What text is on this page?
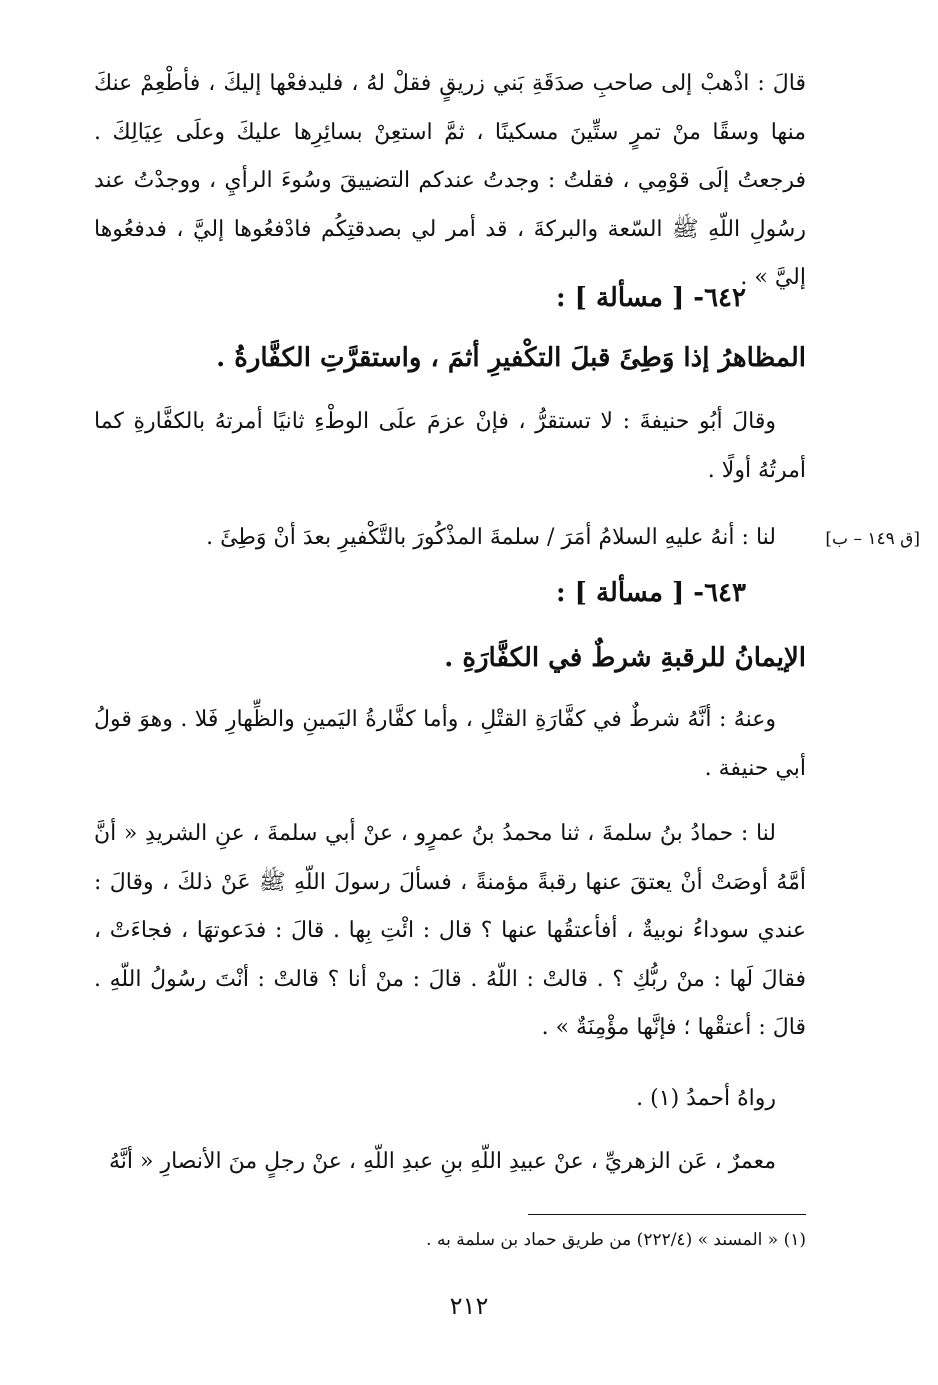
قالَ : اذْهبْ إلى صاحبِ صدَقَةِ بَني زريقٍ فقلْ لهُ ، فليدفعْها إليكَ ، فأطْعِمْ عنكَ منها وسقًا منْ تمرٍ ستِّينَ مسكينًا ، ثمَّ استعِنْ بسائِرِها عليكَ وعلَى عِيَالِكَ . فرجعتُ إلَى قوْمِي ، فقلتُ : وجدتُ عندكم التضييقَ وسُوءَ الرأيِ ، ووجدْتُ عند رسُولِ اللّهِ ﷺ السّعة والبركةَ ، قد أمر لي بصدقتِكُم فادْفعُوها إليَّ ، فدفعُوها إليَّ » .

٦٤٢- [ مسألة ] :
المظاهرُ إذا وَطِئَ قبلَ التكْفيرِ أثمَ ، واستقرَّتِ الكفَّارةُ .

وقالَ أبُو حنيفةَ : لا تستقرُّ ، فإنْ عزمَ علَى الوطْءِ ثانيًا أمرتهُ بالكفَّارةِ كما أمرتُهُ أولًا .

[ق ١٤٩ – ب]

لنا : أنهُ عليهِ السلامُ أمَرَ / سلمةَ المذْكُورَ بالتَّكْفيرِ بعدَ أنْ وَطِئَ .

٦٤٣- [ مسألة ] :
الإيمانُ للرقبةِ شرطٌ في الكفَّارَةِ .

وعنهُ : أنَّهُ شرطٌ في كفَّارَةِ القتْلِ ، وأما كفَّارةُ اليَمينِ والظِّهارِ فَلا . وهوَ قولُ أبي حنيفة .

لنا : حمادُ بنُ سلمةَ ، ثنا محمدُ بنُ عمرٍو ، عنْ أبي سلمةَ ، عنِ الشريدِ « أنَّ أمَّهُ أوصَتْ أنْ يعتقَ عنها رقبةً مؤمنةً ، فسألَ رسولَ اللّهِ ﷺ عَنْ ذلكَ ، وقالَ : عندي سوداءُ نوبيةٌ ، أفأعتقُها عنها ؟ قال : ائْتِ بِها . قالَ : فدَعوتهَا ، فجاءَتْ ، فقالَ لَها : منْ ربُّكِ ؟ . قالتْ : اللّهُ . قالَ : منْ أنا ؟ قالتْ : أنْتَ رسُولُ اللّهِ . قالَ : أعتقْها ؛ فإنَّها مؤْمِنَةٌ » .

رواهُ أحمدُ (١) .

معمرٌ ، عَن الزهريِّ ، عنْ عبيدِ اللّهِ بنِ عبدِ اللّهِ ، عنْ رجلٍ منَ الأنصارِ « أنَّهُ

(١) « المسند » (٢٢٢/٤) من طريق حماد بن سلمة به .
٢١٢
